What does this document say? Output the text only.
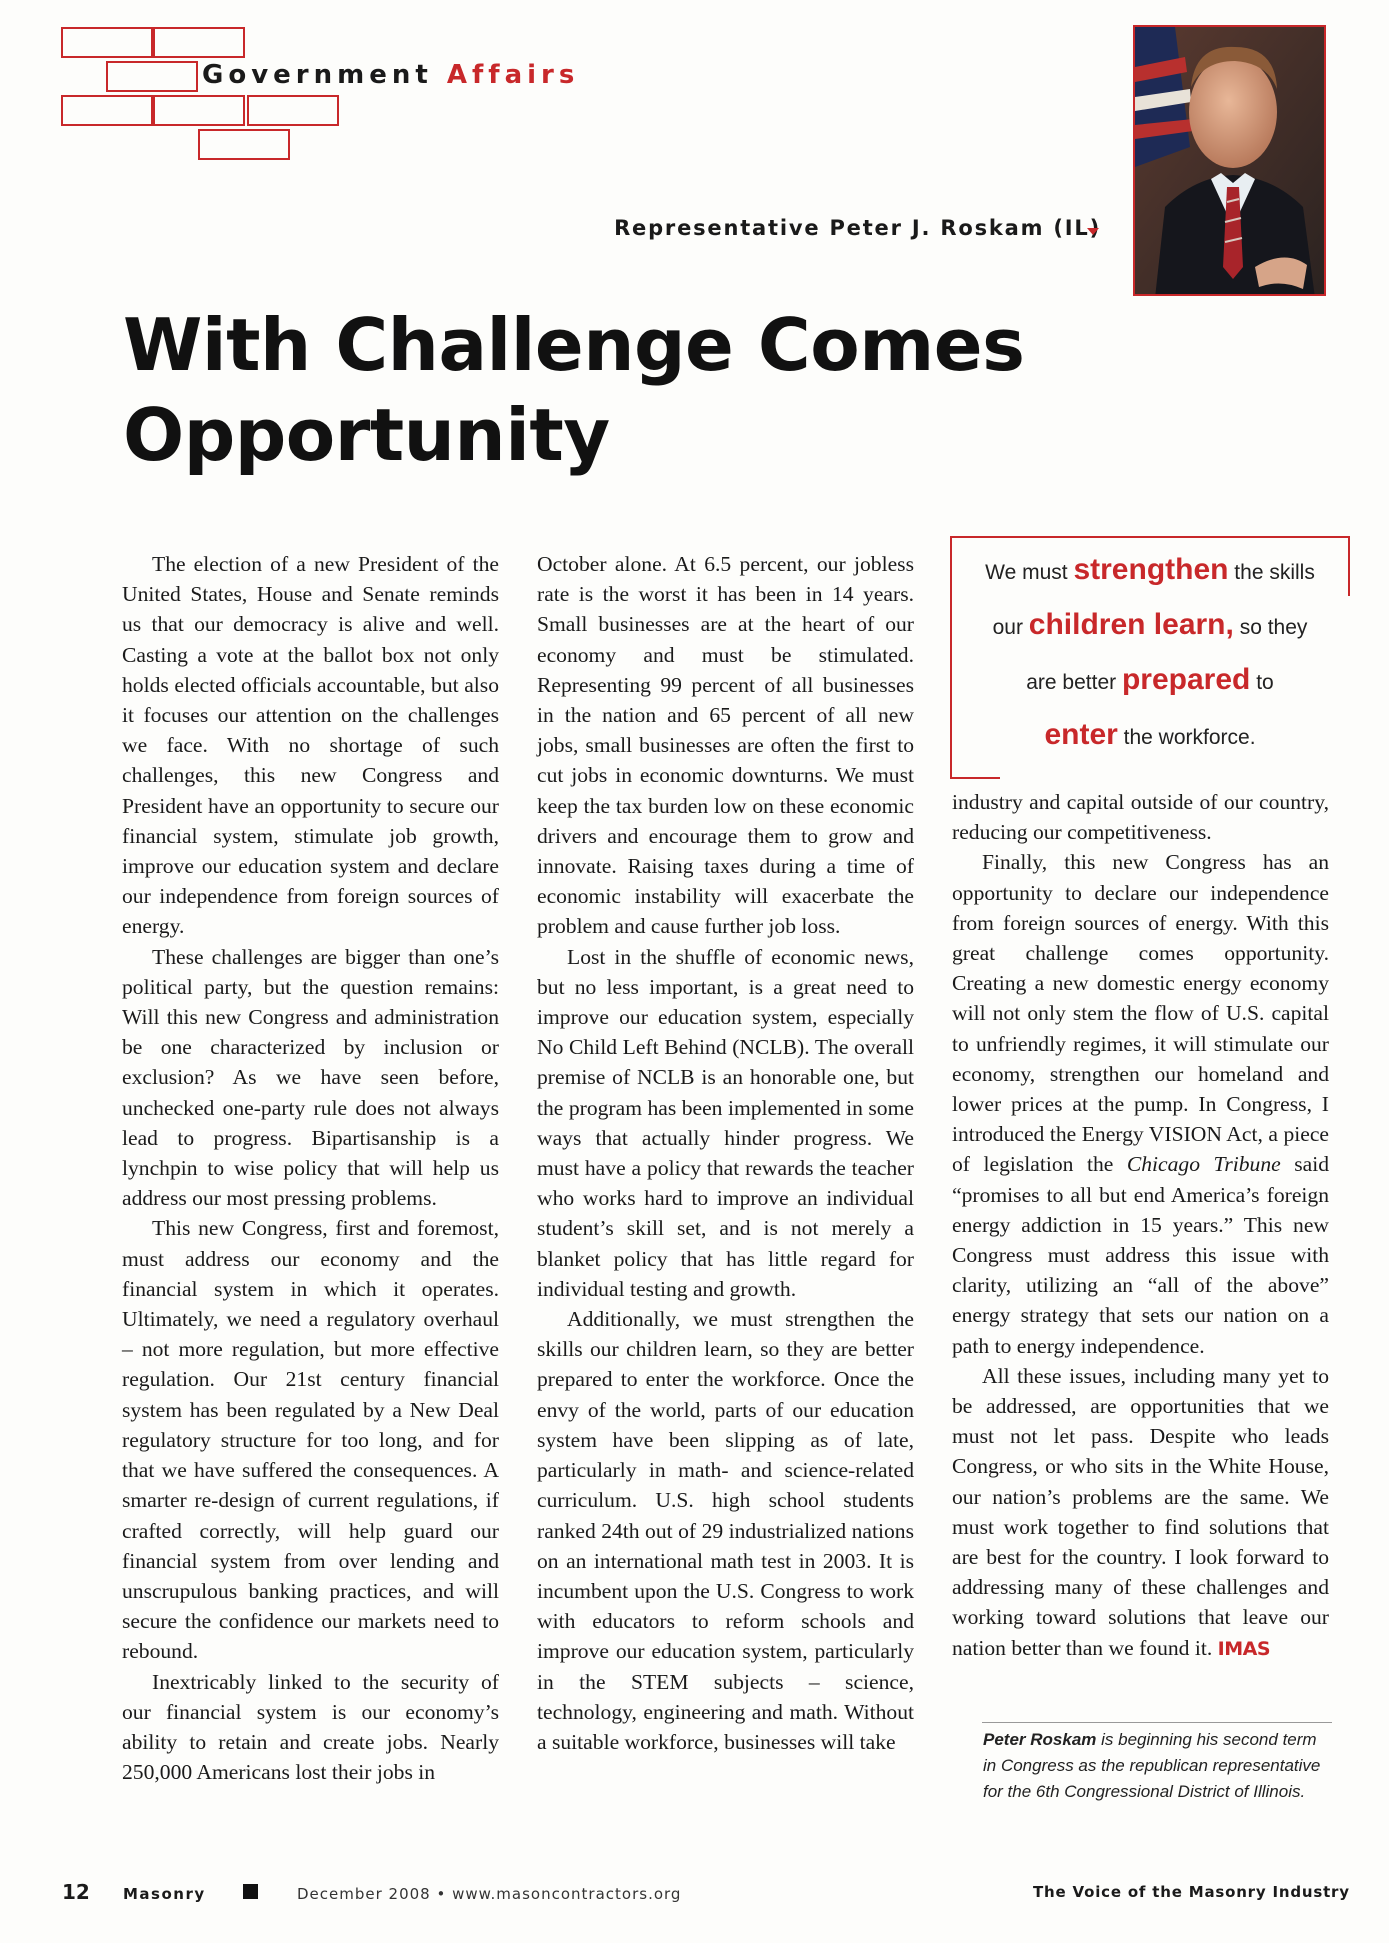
Government Affairs
Representative Peter J. Roskam (IL)
With Challenge Comes
Opportunity

The election of a new President of the United States, House and Senate reminds us that our democracy is alive and well. Casting a vote at the ballot box not only holds elected officials accountable, but also it focuses our attention on the challenges we face. With no shortage of such challenges, this new Congress and President have an opportunity to secure our financial system, stimulate job growth, improve our education system and declare our independence from foreign sources of energy.

These challenges are bigger than one’s political party, but the question remains: Will this new Congress and administration be one characterized by inclusion or exclusion? As we have seen before, unchecked one-party rule does not always lead to progress. Bipartisanship is a lynchpin to wise policy that will help us address our most pressing problems.

This new Congress, first and foremost, must address our economy and the financial system in which it operates. Ultimately, we need a regulatory overhaul – not more regulation, but more effective regulation. Our 21st century financial system has been regulated by a New Deal regulatory structure for too long, and for that we have suffered the consequences. A smarter re-design of current regulations, if crafted correctly, will help guard our financial system from over lending and unscrupulous banking practices, and will secure the confidence our markets need to rebound.

Inextricably linked to the security of our financial system is our economy’s ability to retain and create jobs. Nearly 250,000 Americans lost their jobs in

October alone. At 6.5 percent, our jobless rate is the worst it has been in 14 years. Small businesses are at the heart of our economy and must be stimulated. Representing 99 percent of all businesses in the nation and 65 percent of all new jobs, small businesses are often the first to cut jobs in economic downturns. We must keep the tax burden low on these economic drivers and encourage them to grow and innovate. Raising taxes during a time of economic instability will exacerbate the problem and cause further job loss.

Lost in the shuffle of economic news, but no less important, is a great need to improve our education system, especially No Child Left Behind (NCLB). The overall premise of NCLB is an honorable one, but the program has been implemented in some ways that actually hinder progress. We must have a policy that rewards the teacher who works hard to improve an individual student’s skill set, and is not merely a blanket policy that has little regard for individual testing and growth.

Additionally, we must strengthen the skills our children learn, so they are better prepared to enter the workforce. Once the envy of the world, parts of our education system have been slipping as of late, particularly in math- and science-related curriculum. U.S. high school students ranked 24th out of 29 industrialized nations on an international math test in 2003. It is incumbent upon the U.S. Congress to work with educators to reform schools and improve our education system, particularly in the STEM subjects – science, technology, engineering and math. Without a suitable workforce, businesses will take

We must strengthen the skills
our children learn, so they
are better prepared to
enter the workforce.

industry and capital outside of our country, reducing our competitiveness.

Finally, this new Congress has an opportunity to declare our independence from foreign sources of energy. With this great challenge comes opportunity. Creating a new domestic energy economy will not only stem the flow of U.S. capital to unfriendly regimes, it will stimulate our economy, strengthen our homeland and lower prices at the pump. In Congress, I introduced the Energy VISION Act, a piece of legislation the Chicago Tribune said “promises to all but end America’s foreign energy addiction in 15 years.” This new Congress must address this issue with clarity, utilizing an “all of the above” energy strategy that sets our nation on a path to energy independence.

All these issues, including many yet to be addressed, are opportunities that we must not let pass. Despite who leads Congress, or who sits in the White House, our nation’s problems are the same. We must work together to find solutions that are best for the country. I look forward to addressing many of these challenges and working toward solutions that leave our nation better than we found it. IMAS

Peter Roskam is beginning his second term in Congress as the republican representative for the 6th Congressional District of Illinois.
12 Masonry	December 2008 • www.masoncontractors.org	The Voice of the Masonry Industry
